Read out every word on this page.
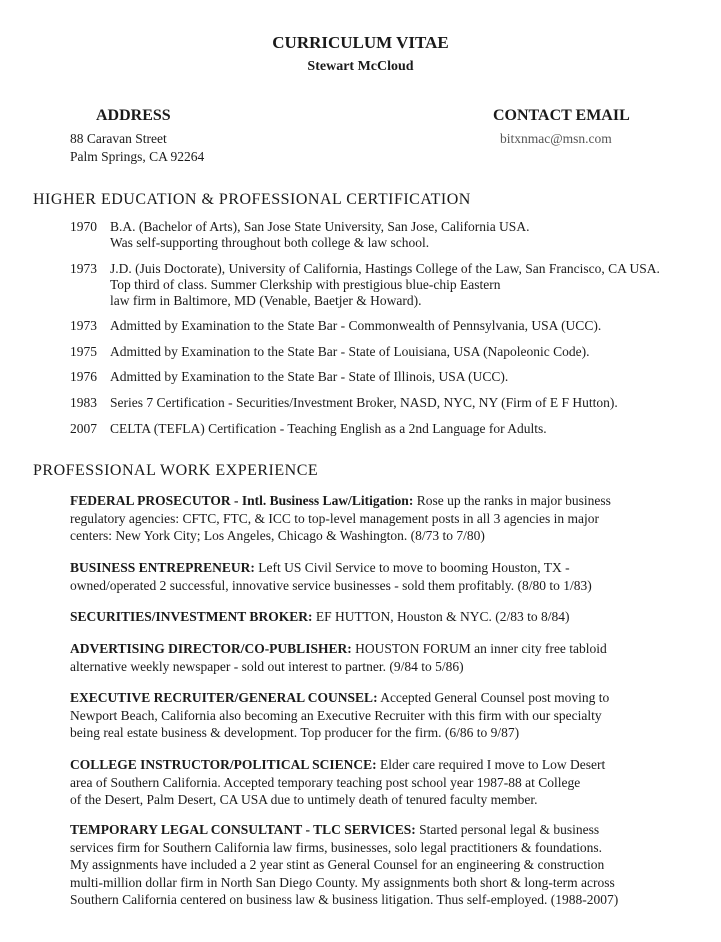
CURRICULUM VITAE
Stewart McCloud
ADDRESS
88 Caravan Street
Palm Springs, CA 92264
CONTACT EMAIL
bitxnmac@msn.com
HIGHER EDUCATION & PROFESSIONAL CERTIFICATION
1970 B.A. (Bachelor of Arts), San Jose State University, San Jose, California USA.
Was self-supporting throughout both college & law school.
1973 J.D. (Juis Doctorate), University of California, Hastings College of the Law, San Francisco, CA USA.
Top third of class. Summer Clerkship with prestigious blue-chip Eastern
law firm in Baltimore, MD (Venable, Baetjer & Howard).
1973 Admitted by Examination to the State Bar - Commonwealth of Pennsylvania, USA (UCC).
1975 Admitted by Examination to the State Bar - State of Louisiana, USA (Napoleonic Code).
1976 Admitted by Examination to the State Bar - State of Illinois, USA (UCC).
1983 Series 7 Certification - Securities/Investment Broker, NASD, NYC, NY (Firm of E F Hutton).
2007 CELTA (TEFLA) Certification - Teaching English as a 2nd Language for Adults.
PROFESSIONAL WORK EXPERIENCE
FEDERAL PROSECUTOR - Intl. Business Law/Litigation: Rose up the ranks in major business
regulatory agencies: CFTC, FTC, & ICC to top-level management posts in all 3 agencies in major
centers: New York City; Los Angeles, Chicago & Washington. (8/73 to 7/80)
BUSINESS ENTREPRENEUR: Left US Civil Service to move to booming Houston, TX -
owned/operated 2 successful, innovative service businesses - sold them profitably. (8/80 to 1/83)
SECURITIES/INVESTMENT BROKER: EF HUTTON, Houston & NYC. (2/83 to 8/84)
ADVERTISING DIRECTOR/CO-PUBLISHER: HOUSTON FORUM an inner city free tabloid
alternative weekly newspaper - sold out interest to partner. (9/84 to 5/86)
EXECUTIVE RECRUITER/GENERAL COUNSEL: Accepted General Counsel post moving to
Newport Beach, California also becoming an Executive Recruiter with this firm with our specialty
being real estate business & development. Top producer for the firm. (6/86 to 9/87)
COLLEGE INSTRUCTOR/POLITICAL SCIENCE: Elder care required I move to Low Desert
area of Southern California. Accepted temporary teaching post school year 1987-88 at College
of the Desert, Palm Desert, CA USA due to untimely death of tenured faculty member.
TEMPORARY LEGAL CONSULTANT - TLC SERVICES: Started personal legal & business
services firm for Southern California law firms, businesses, solo legal practitioners & foundations.
My assignments have included a 2 year stint as General Counsel for an engineering & construction
multi-million dollar firm in North San Diego County. My assignments both short & long-term across
Southern California centered on business law & business litigation. Thus self-employed. (1988-2007)
